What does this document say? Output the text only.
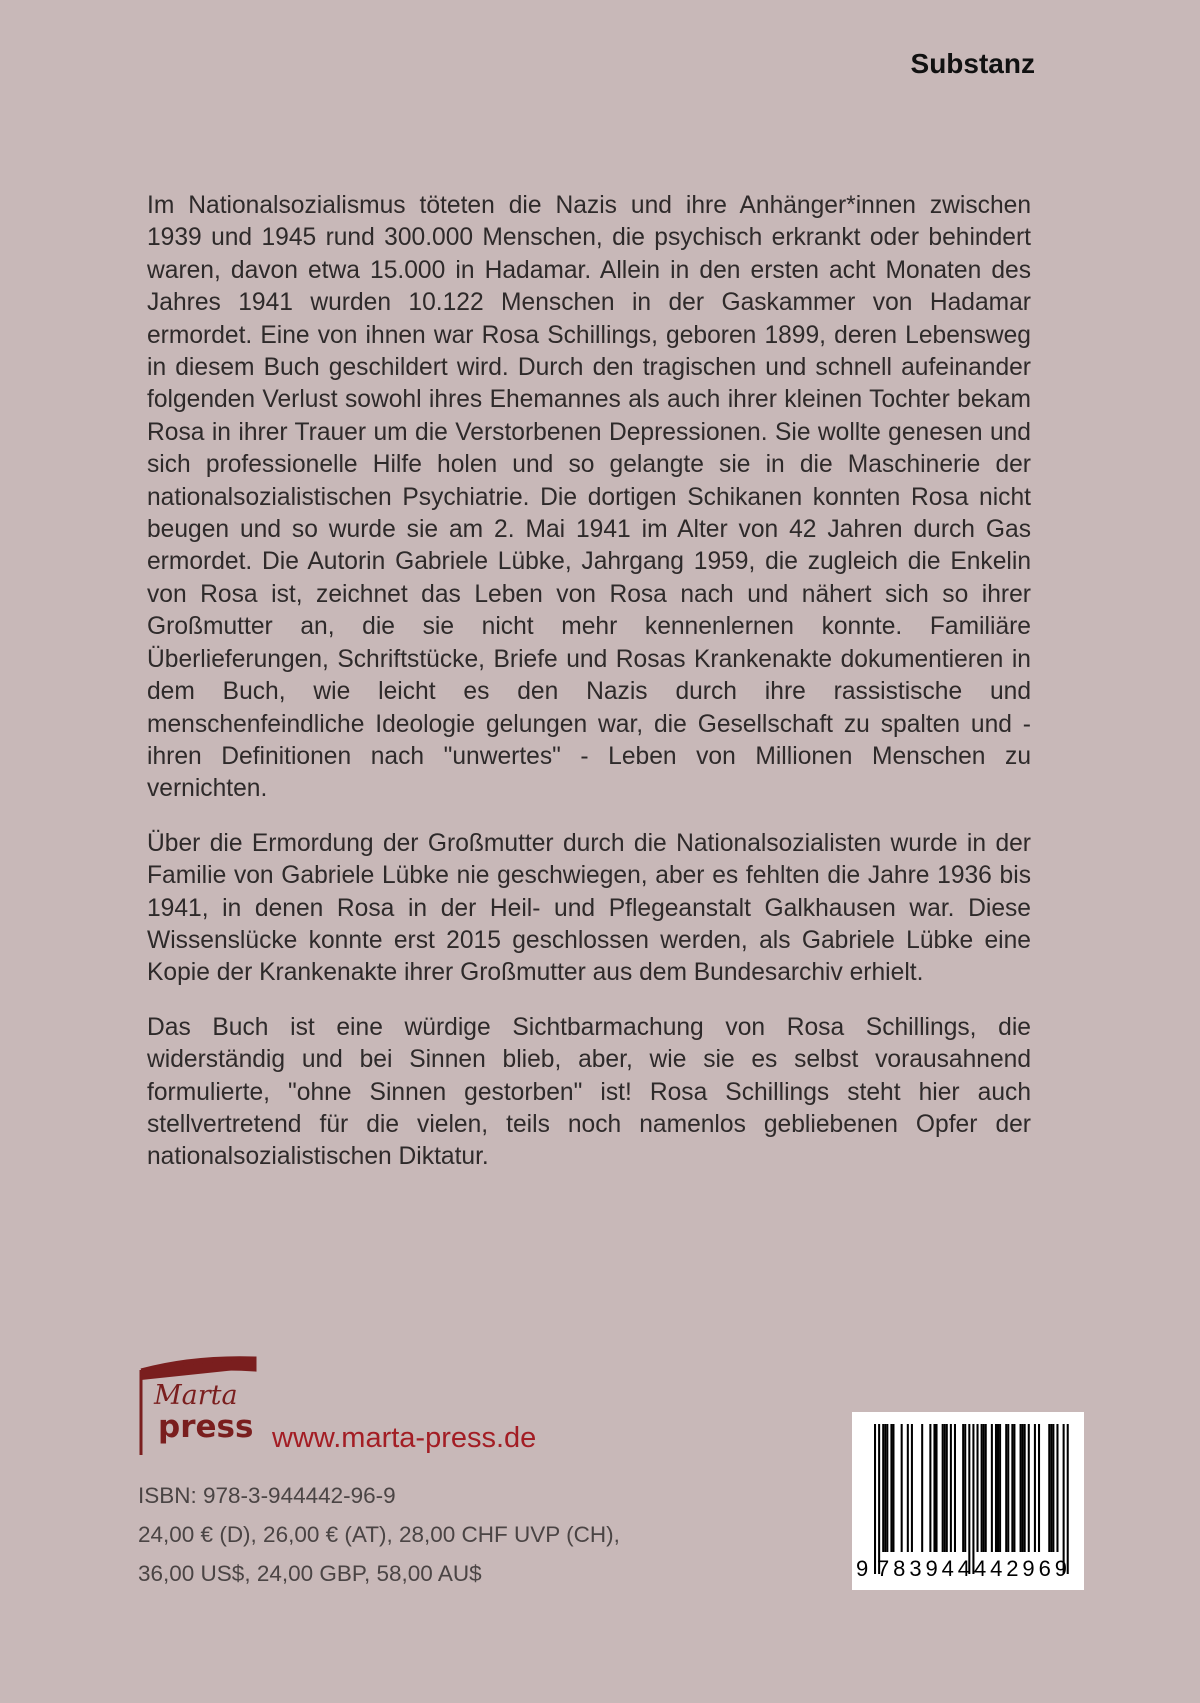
Substanz

Im Nationalsozialismus töteten die Nazis und ihre Anhänger*innen zwischen 1939 und 1945 rund 300.000 Menschen, die psychisch erkrankt oder behindert waren, davon etwa 15.000 in Hadamar. Allein in den ersten acht Monaten des Jahres 1941 wurden 10.122 Menschen in der Gaskammer von Hadamar ermordet. Eine von ihnen war Rosa Schillings, geboren 1899, deren Lebensweg in diesem Buch geschildert wird. Durch den tragischen und schnell aufeinander folgenden Verlust sowohl ihres Ehemannes als auch ihrer kleinen Tochter bekam Rosa in ihrer Trauer um die Verstorbenen Depressionen. Sie wollte genesen und sich professionelle Hilfe holen und so gelangte sie in die Maschinerie der nationalsozialistischen Psychiatrie. Die dortigen Schikanen konnten Rosa nicht beugen und so wurde sie am 2. Mai 1941 im Alter von 42 Jahren durch Gas ermordet. Die Autorin Gabriele Lübke, Jahrgang 1959, die zugleich die Enkelin von Rosa ist, zeichnet das Leben von Rosa nach und nähert sich so ihrer Großmutter an, die sie nicht mehr kennenlernen konnte. Familiäre Überlieferungen, Schriftstücke, Briefe und Rosas Krankenakte dokumentieren in dem Buch, wie leicht es den Nazis durch ihre rassistische und menschenfeindliche Ideologie gelungen war, die Gesellschaft zu spalten und - ihren Definitionen nach "unwertes" - Leben von Millionen Menschen zu vernichten.

Über die Ermordung der Großmutter durch die Nationalsozialisten wurde in der Familie von Gabriele Lübke nie geschwiegen, aber es fehlten die Jahre 1936 bis 1941, in denen Rosa in der Heil- und Pflegeanstalt Galkhausen war. Diese Wissenslücke konnte erst 2015 geschlossen werden, als Gabriele Lübke eine Kopie der Krankenakte ihrer Großmutter aus dem Bundesarchiv erhielt.

Das Buch ist eine würdige Sichtbarmachung von Rosa Schillings, die widerständig und bei Sinnen blieb, aber, wie sie es selbst vorausahnend formulierte, "ohne Sinnen gestorben" ist! Rosa Schillings steht hier auch stellvertretend für die vielen, teils noch namenlos gebliebenen Opfer der nationalsozialistischen Diktatur.

Marta
press www.marta-press.de
ISBN: 978-3-944442-96-9
24,00 € (D), 26,00 € (AT), 28,00 CHF UVP (CH),
36,00 US$, 24,00 GBP, 58,00 AU$	9 783944442969
